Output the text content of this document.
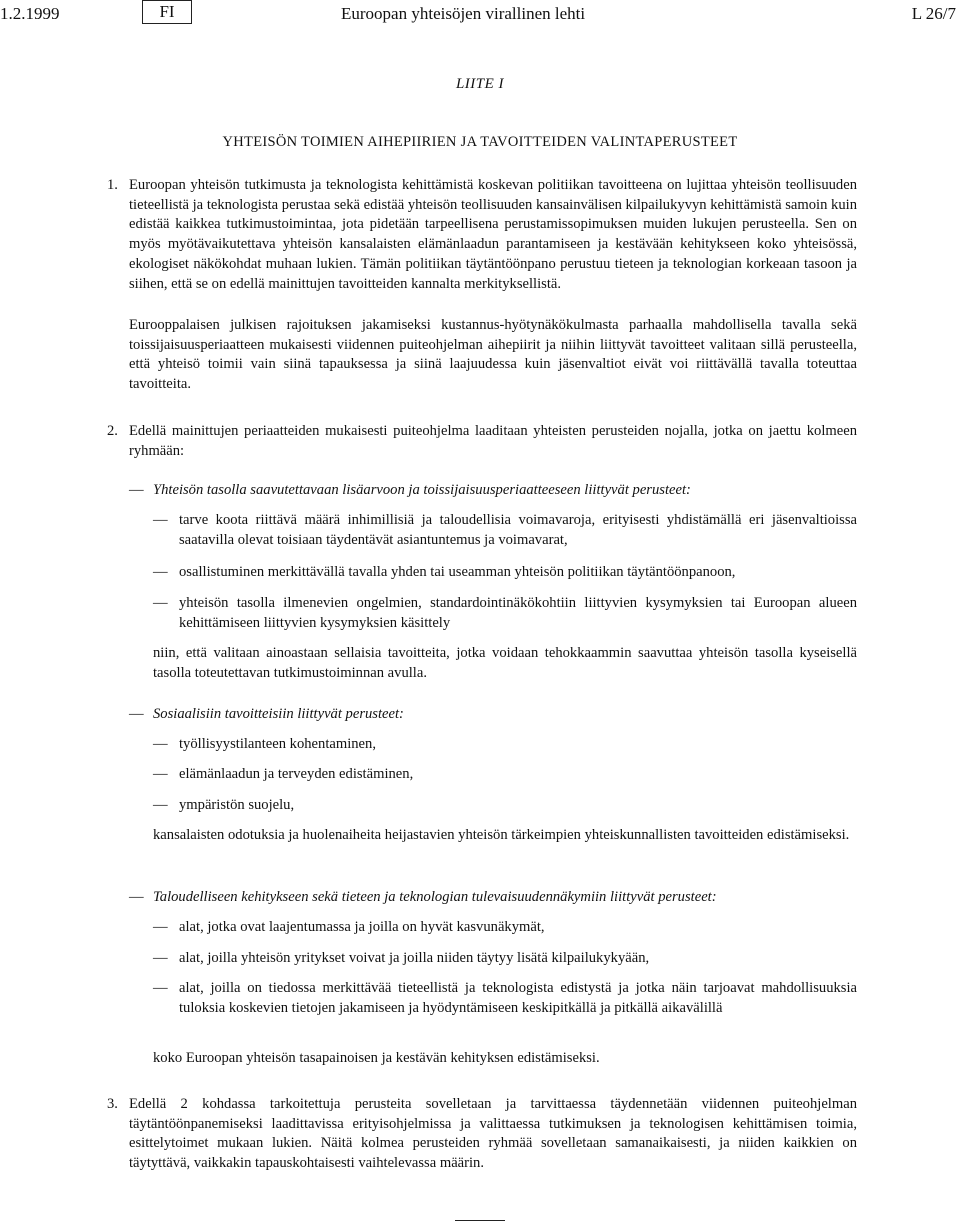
1.2.1999	FI	Euroopan yhteisöjen virallinen lehti	L 26/7
LIITE I
YHTEISÖN TOIMIEN AIHEPIIRIEN JA TAVOITTEIDEN VALINTAPERUSTEET
1. Euroopan yhteisön tutkimusta ja teknologista kehittämistä koskevan politiikan tavoitteena on lujittaa yhteisön teollisuuden tieteellistä ja teknologista perustaa sekä edistää yhteisön teollisuuden kansainvälisen kilpailukyvyn kehittämistä samoin kuin edistää kaikkea tutkimustoimintaa, jota pidetään tarpeellisena perustamissopimuksen muiden lukujen perusteella. Sen on myös myötävaikutettava yhteisön kansalaisten elämänlaadun parantamiseen ja kestävään kehitykseen koko yhteisössä, ekologiset näkökohdat muhaan lukien. Tämän politiikan täytäntöönpano perustuu tieteen ja teknologian korkeaan tasoon ja siihen, että se on edellä mainittujen tavoitteiden kannalta merkityksellistä.
Eurooppalaisen julkisen rajoituksen jakamiseksi kustannus-hyötynäkökulmasta parhaalla mahdollisella tavalla sekä toissijaisuusperiaatteen mukaisesti viidennen puiteohjelman aihepiirit ja niihin liittyvät tavoitteet valitaan sillä perusteella, että yhteisö toimii vain siinä tapauksessa ja siinä laajuudessa kuin jäsenvaltiot eivät voi riittävällä tavalla toteuttaa tavoitteita.
2. Edellä mainittujen periaatteiden mukaisesti puiteohjelma laaditaan yhteisten perusteiden nojalla, jotka on jaettu kolmeen ryhmään:
— Yhteisön tasolla saavutettavaan lisäarvoon ja toissijaisuusperiaatteeseen liittyvät perusteet:
— tarve koota riittävä määrä inhimillisiä ja taloudellisia voimavaroja, erityisesti yhdistämällä eri jäsenvaltioissa saatavilla olevat toisiaan täydentävät asiantuntemus ja voimavarat,
— osallistuminen merkittävällä tavalla yhden tai useamman yhteisön politiikan täytäntöönpanoon,
— yhteisön tasolla ilmenevien ongelmien, standardointinäkökohtiin liittyvien kysymyksien tai Euroopan alueen kehittämiseen liittyvien kysymyksien käsittely
niin, että valitaan ainoastaan sellaisia tavoitteita, jotka voidaan tehokkaammin saavuttaa yhteisön tasolla kyseisellä tasolla toteutettavan tutkimustoiminnan avulla.
— Sosiaalisiin tavoitteisiin liittyvät perusteet:
— työllisyystilanteen kohentaminen,
— elämänlaadun ja terveyden edistäminen,
— ympäristön suojelu,
kansalaisten odotuksia ja huolenaiheita heijastavien yhteisön tärkeimpien yhteiskunnallisten tavoitteiden edistämiseksi.
— Taloudelliseen kehitykseen sekä tieteen ja teknologian tulevaisuudennäkymiin liittyvät perusteet:
— alat, jotka ovat laajentumassa ja joilla on hyvät kasvunäkymät,
— alat, joilla yhteisön yritykset voivat ja joilla niiden täytyy lisätä kilpailukykyään,
— alat, joilla on tiedossa merkittävää tieteellistä ja teknologista edistystä ja jotka näin tarjoavat mahdollisuuksia tuloksia koskevien tietojen jakamiseen ja hyödyntämiseen keskipitkällä ja pitkällä aikavälillä
koko Euroopan yhteisön tasapainoisen ja kestävän kehityksen edistämiseksi.
3. Edellä 2 kohdassa tarkoitettuja perusteita sovelletaan ja tarvittaessa täydennetään viidennen puiteohjelman täytäntöönpanemiseksi laadittavissa erityisohjelmissa ja valittaessa tutkimuksen ja teknologisen kehittämisen toimia, esittelytoimet mukaan lukien. Näitä kolmea perusteiden ryhmää sovelletaan samanaikaisesti, ja niiden kaikkien on täytyttävä, vaikkakin tapauskohtaisesti vaihtelevassa määrin.
